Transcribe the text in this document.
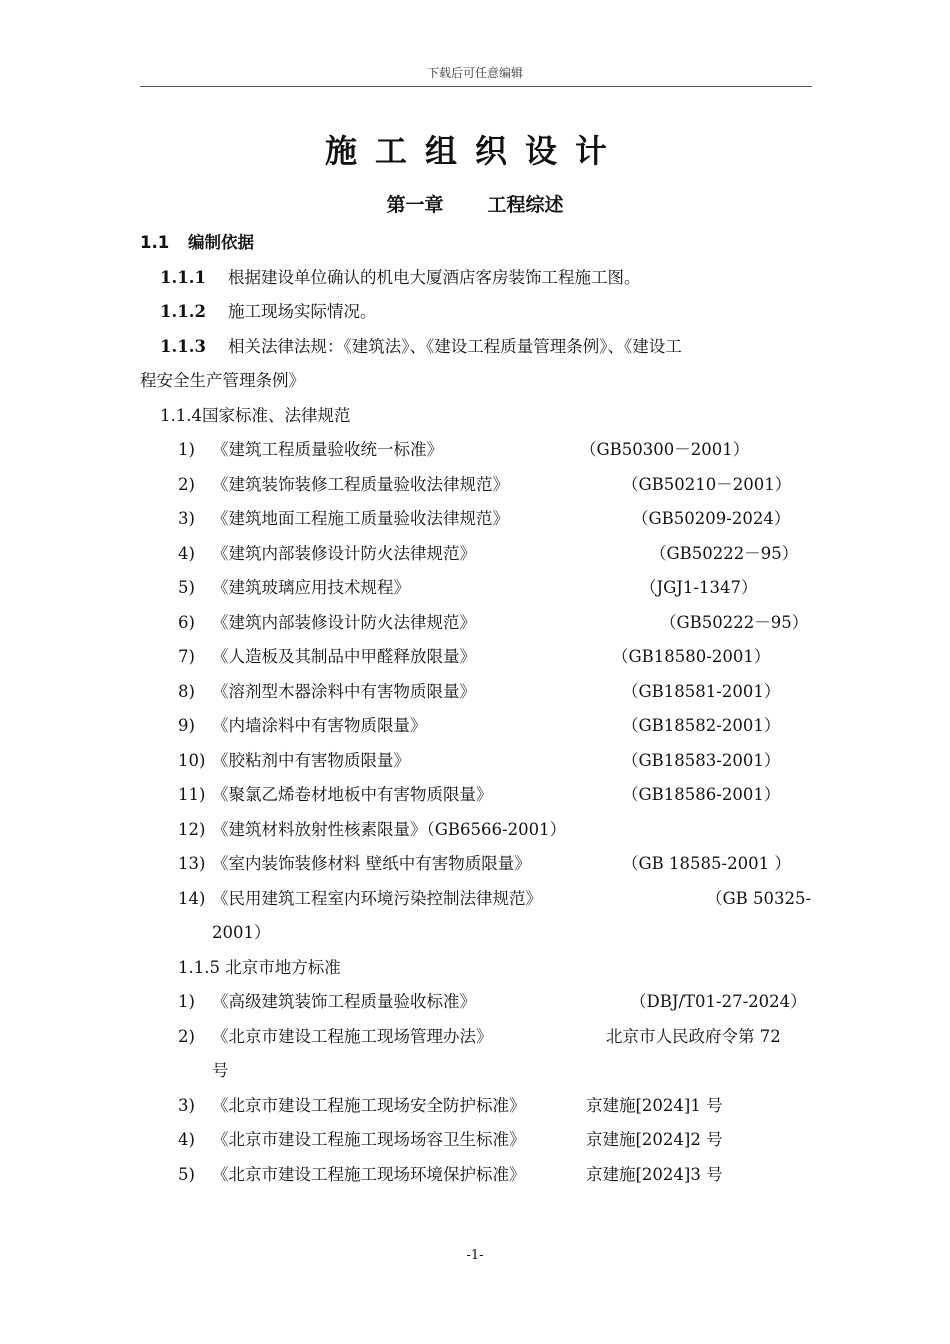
下载后可任意编辑
施工组织设计
第一章 工程综述
1.1 编制依据
1.1.1 根据建设单位确认的机电大厦酒店客房装饰工程施工图。
1.1.2 施工现场实际情况。
1.1.3 相关法律法规：《建筑法》、《建设工程质量管理条例》、《建设工
程安全生产管理条例》
1.1.4国家标准、法律规范
1) 《建筑工程质量验收统一标准》	（GB50300－2001）
2) 《建筑装饰装修工程质量验收法律规范》	（GB50210－2001）
3) 《建筑地面工程施工质量验收法律规范》	（GB50209-2024）
4) 《建筑内部装修设计防火法律规范》	（GB50222－95）
5) 《建筑玻璃应用技术规程》	（JGJ1-1347）
6) 《建筑内部装修设计防火法律规范》	（GB50222－95）
7) 《人造板及其制品中甲醛释放限量》	（GB18580-2001）
8) 《溶剂型木器涂料中有害物质限量》	（GB18581-2001）
9) 《内墙涂料中有害物质限量》	（GB18582-2001）
10) 《胶粘剂中有害物质限量》	（GB18583-2001）
11) 《聚氯乙烯卷材地板中有害物质限量》	（GB18586-2001）
12) 《建筑材料放射性核素限量》（GB6566-2001）
13) 《室内装饰装修材料 壁纸中有害物质限量》	（GB 18585-2001 ）
14) 《民用建筑工程室内环境污染控制法律规范》	（GB 50325-
2001）
1.1.5 北京市地方标准
1) 《高级建筑装饰工程质量验收标准》	（DBJ/T01-27-2024）
2) 《北京市建设工程施工现场管理办法》	北京市人民政府令第 72
号
3) 《北京市建设工程施工现场安全防护标准》	京建施[2024]1 号
4) 《北京市建设工程施工现场场容卫生标准》	京建施[2024]2 号
5) 《北京市建设工程施工现场环境保护标准》	京建施[2024]3 号
-1-
